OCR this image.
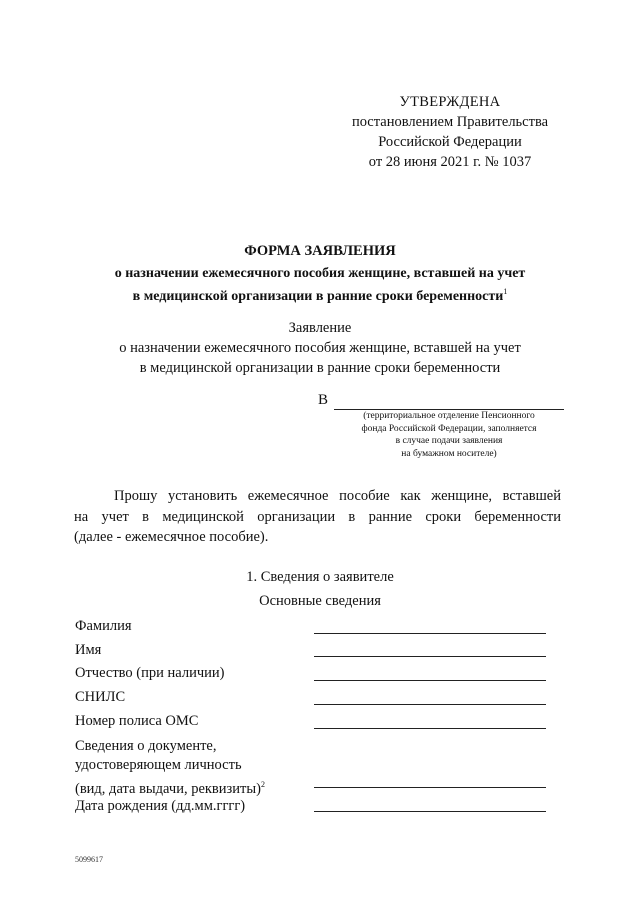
УТВЕРЖДЕНА
постановлением Правительства
Российской Федерации
от 28 июня 2021 г. № 1037
ФОРМА ЗАЯВЛЕНИЯ
о назначении ежемесячного пособия женщине, вставшей на учет
в медицинской организации в ранние сроки беременности$^1$
Заявление
о назначении ежемесячного пособия женщине, вставшей на учет
в медицинской организации в ранние сроки беременности
В
(территориальное отделение Пенсионного
фонда Российской Федерации, заполняется
в случае подачи заявления
на бумажном носителе)
Прошу установить ежемесячное пособие как женщине, вставшей
на учет в медицинской организации в ранние сроки беременности
(далее - ежемесячное пособие).
1. Сведения о заявителе
Основные сведения
Фамилия
Имя
Отчество (при наличии)
СНИЛС
Номер полиса ОМС
Сведения о документе,
удостоверяющем личность
(вид, дата выдачи, реквизиты)$^2$
Дата рождения (дд.мм.гггг)
5099617
